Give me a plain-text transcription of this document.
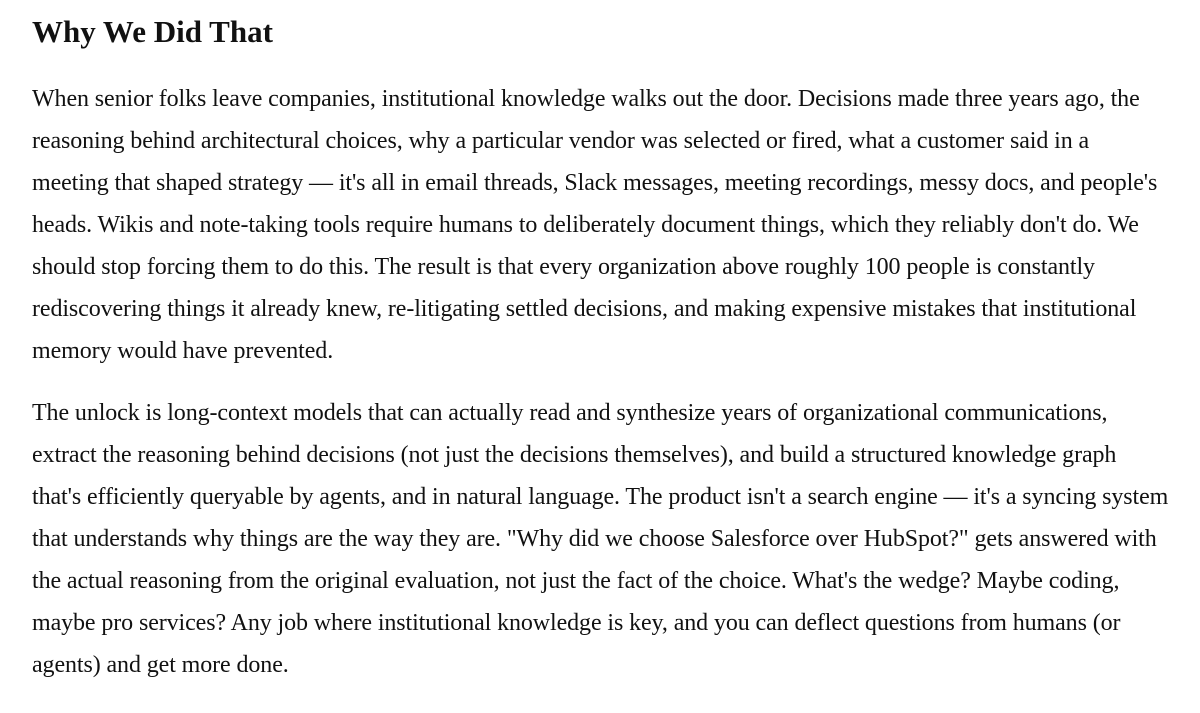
Why We Did That

When senior folks leave companies, institutional knowledge walks out the door. Decisions made three years ago, the reasoning behind architectural choices, why a particular vendor was selected or fired, what a customer said in a meeting that shaped strategy — it's all in email threads, Slack messages, meeting recordings, messy docs, and people's heads. Wikis and note-taking tools require humans to deliberately document things, which they reliably don't do. We should stop forcing them to do this. The result is that every organization above roughly 100 people is constantly rediscovering things it already knew, re-litigating settled decisions, and making expensive mistakes that institutional memory would have prevented.

The unlock is long-context models that can actually read and synthesize years of organizational communications, extract the reasoning behind decisions (not just the decisions themselves), and build a structured knowledge graph that's efficiently queryable by agents, and in natural language. The product isn't a search engine — it's a syncing system that understands why things are the way they are. "Why did we choose Salesforce over HubSpot?" gets answered with the actual reasoning from the original evaluation, not just the fact of the choice. What's the wedge? Maybe coding, maybe pro services? Any job where institutional knowledge is key, and you can deflect questions from humans (or agents) and get more done.
